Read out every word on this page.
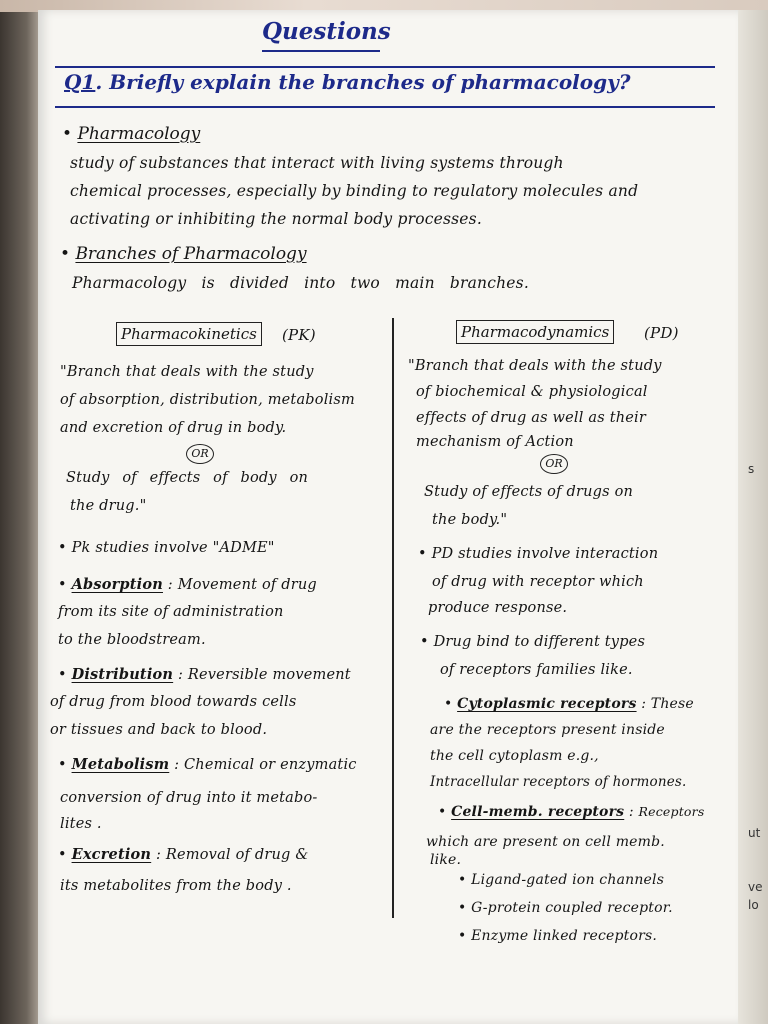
s
ut
ve
lo
Questions
Q1. Briefly explain the branches of pharmacology?
• Pharmacology
study of substances that interact with living systems through
chemical processes, especially by binding to regulatory molecules and
activating or inhibiting the normal body processes.
• Branches of Pharmacology
Pharmacology is divided into two main branches.
Pharmacokinetics	(PK)
"Branch that deals with the study
of absorption, distribution, metabolism
and excretion of drug in body.
OR
Study of effects of body on
the drug."
• Pk studies involve "ADME"
• Absorption : Movement of drug
from its site of administration
to the bloodstream.
• Distribution : Reversible movement
of drug from blood towards cells
or tissues and back to blood.
• Metabolism : Chemical or enzymatic
conversion of drug into it metabo-
lites .
• Excretion : Removal of drug &
its metabolites from the body .
Pharmacodynamics	(PD)
"Branch that deals with the study
of biochemical & physiological
effects of drug as well as their
mechanism of Action
OR
Study of effects of drugs on
the body."
• PD studies involve interaction
of drug with receptor which
produce response.
• Drug bind to different types
of receptors families like.
• Cytoplasmic receptors : These
are the receptors present inside
the cell cytoplasm e.g.,
Intracellular receptors of hormones.
• Cell-memb. receptors : Receptors
which are present on cell memb.
like.
• Ligand-gated ion channels
• G-protein coupled receptor.
• Enzyme linked receptors.
